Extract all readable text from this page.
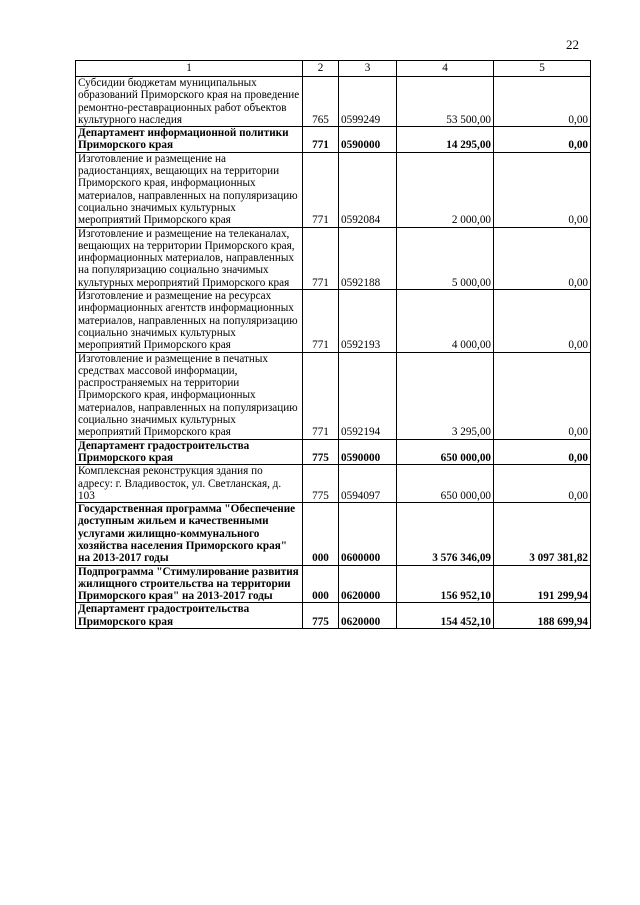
22
1	2	3	4	5
Субсидии бюджетам муниципальных образований Приморского края на проведение ремонтно-реставрационных работ объектов культурного наследия	765	0599249	53 500,00	0,00
Департамент информационной политики Приморского края	771	0590000	14 295,00	0,00
Изготовление и размещение на радиостанциях, вещающих на территории Приморского края, информационных материалов, направленных на популяризацию социально значимых культурных мероприятий Приморского края	771	0592084	2 000,00	0,00
Изготовление и размещение на телеканалах, вещающих на территории Приморского края, информационных материалов, направленных на популяризацию социально значимых культурных мероприятий Приморского края	771	0592188	5 000,00	0,00
Изготовление и размещение на ресурсах информационных агентств информационных материалов, направленных на популяризацию социально значимых культурных мероприятий Приморского края	771	0592193	4 000,00	0,00
Изготовление и размещение в печатных средствах массовой информации, распространяемых на территории Приморского края, информационных материалов, направленных на популяризацию социально значимых культурных мероприятий Приморского края	771	0592194	3 295,00	0,00
Департамент градостроительства Приморского края	775	0590000	650 000,00	0,00
Комплексная реконструкция здания по адресу: г. Владивосток, ул. Светланская, д. 103	775	0594097	650 000,00	0,00
Государственная программа "Обеспечение доступным жильем и качественными услугами жилищно-коммунального хозяйства населения Приморского края" на 2013-2017 годы	000	0600000	3 576 346,09	3 097 381,82
Подпрограмма "Стимулирование развития жилищного строительства на территории Приморского края" на 2013-2017 годы	000	0620000	156 952,10	191 299,94
Департамент градостроительства Приморского края	775	0620000	154 452,10	188 699,94
